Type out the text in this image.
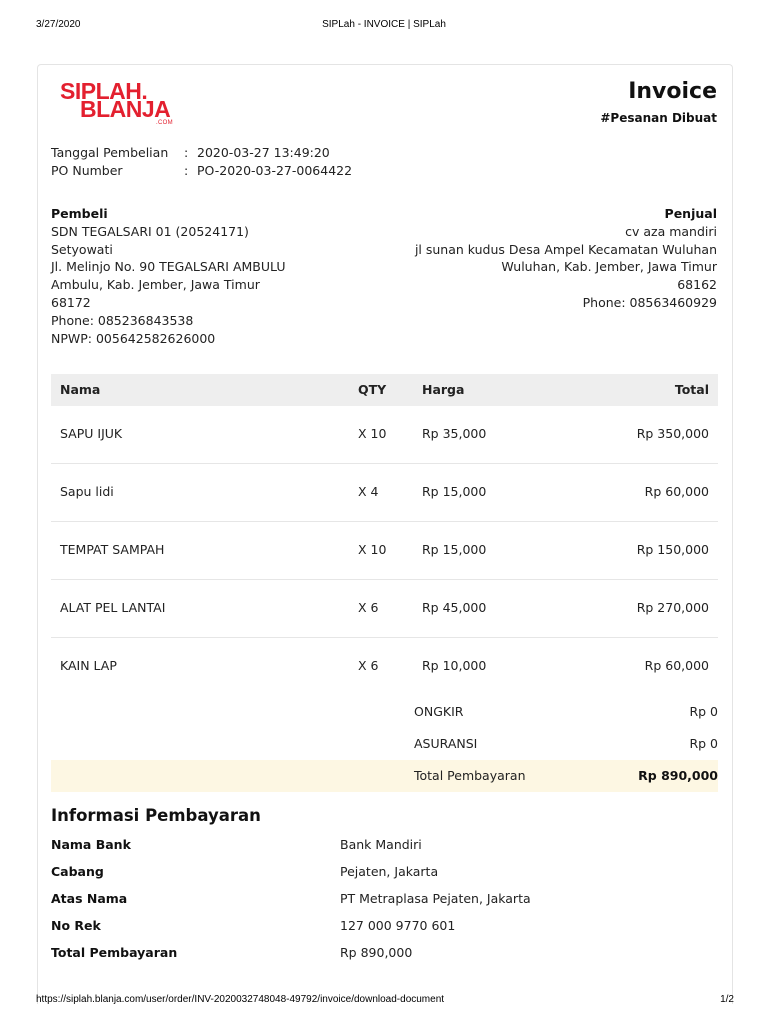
3/27/2020	SIPLah - INVOICE | SIPLah
SIPLAH.
BLANJA
.COM
Invoice
#Pesanan Dibuat
Tanggal Pembelian	: 2020-03-27 13:49:20
PO Number	: PO-2020-03-27-0064422
Pembeli
SDN TEGALSARI 01 (20524171)
Setyowati
Jl. Melinjo No. 90 TEGALSARI AMBULU
Ambulu, Kab. Jember, Jawa Timur
68172
Phone: 085236843538
NPWP: 005642582626000
Penjual
cv aza mandiri
jl sunan kudus Desa Ampel Kecamatan Wuluhan
Wuluhan, Kab. Jember, Jawa Timur
68162
Phone: 08563460929
Nama	QTY	Harga	Total
SAPU IJUK	X 10	Rp 35,000	Rp 350,000
Sapu lidi	X 4	Rp 15,000	Rp 60,000
TEMPAT SAMPAH	X 10	Rp 15,000	Rp 150,000
ALAT PEL LANTAI	X 6	Rp 45,000	Rp 270,000
KAIN LAP	X 6	Rp 10,000	Rp 60,000
ONGKIR	Rp 0
ASURANSI	Rp 0
Total Pembayaran	Rp 890,000
Informasi Pembayaran
Nama Bank	Bank Mandiri
Cabang	Pejaten, Jakarta
Atas Nama	PT Metraplasa Pejaten, Jakarta
No Rek	127 000 9770 601
Total Pembayaran	Rp 890,000
https://siplah.blanja.com/user/order/INV-2020032748048-49792/invoice/download-document	1/2
